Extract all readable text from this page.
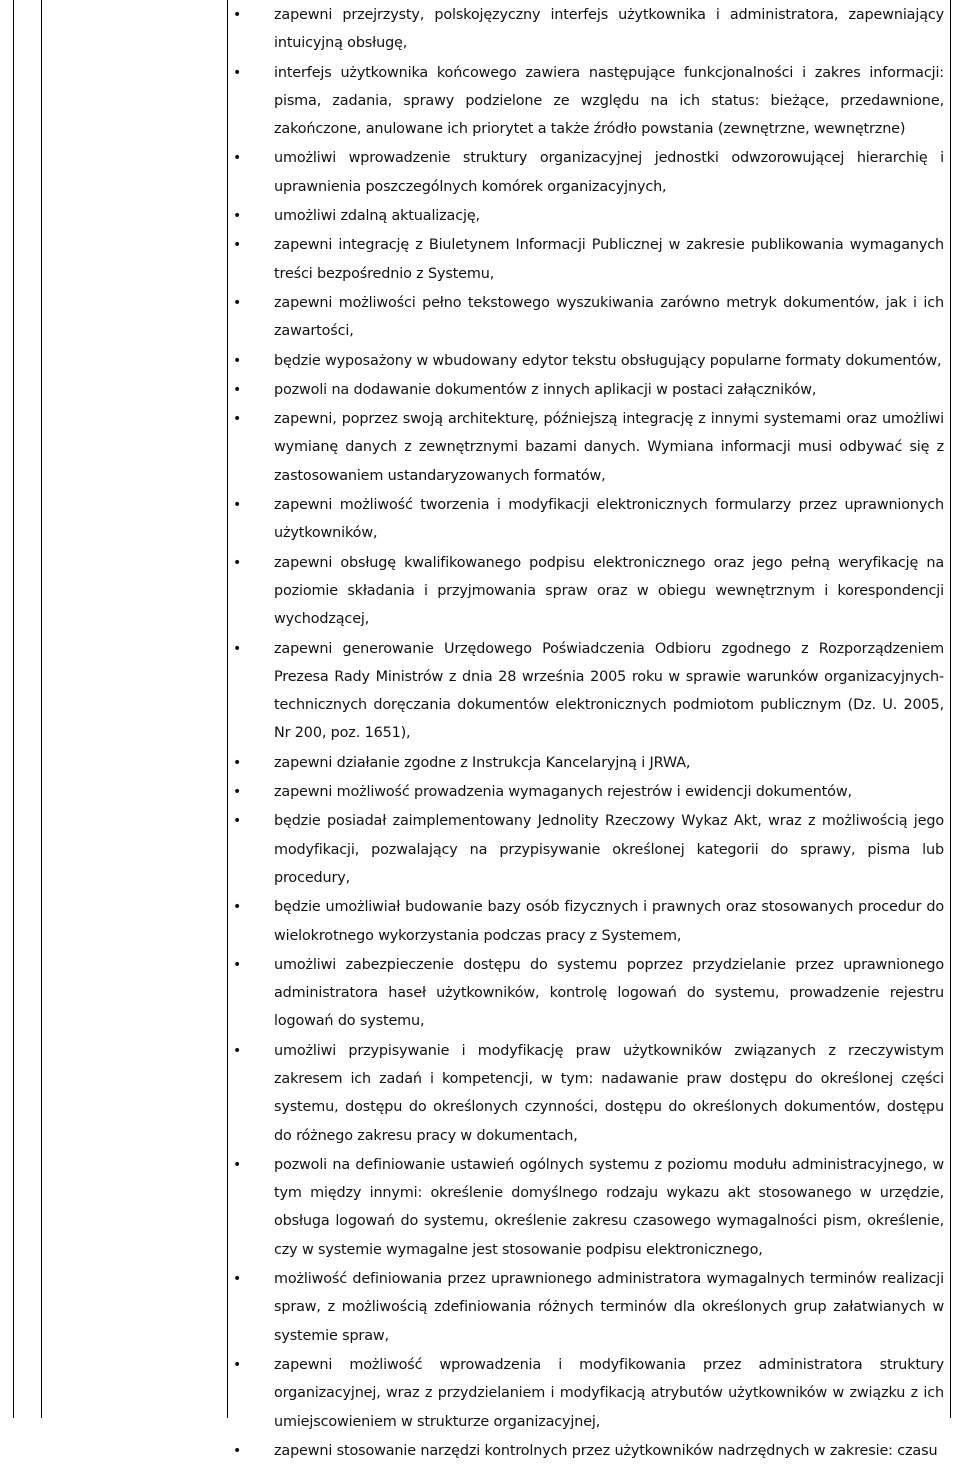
• zapewni przejrzysty, polskojęzyczny interfejs użytkownika i administratora, zapewniający intuicyjną obsługę,
• interfejs użytkownika końcowego zawiera następujące funkcjonalności i zakres informacji: pisma, zadania, sprawy podzielone ze względu na ich status: bieżące, przedawnione, zakończone, anulowane ich priorytet a także źródło powstania (zewnętrzne, wewnętrzne)
• umożliwi wprowadzenie struktury organizacyjnej jednostki odwzorowującej hierarchię i uprawnienia poszczególnych komórek organizacyjnych,
• umożliwi zdalną aktualizację,
• zapewni integrację z Biuletynem Informacji Publicznej w zakresie publikowania wymaganych treści bezpośrednio z Systemu,
• zapewni możliwości pełno tekstowego wyszukiwania zarówno metryk dokumentów, jak i ich zawartości,
• będzie wyposażony w wbudowany edytor tekstu obsługujący popularne formaty dokumentów,
• pozwoli na dodawanie dokumentów z innych aplikacji w postaci załączników,
• zapewni, poprzez swoją architekturę, późniejszą integrację z innymi systemami oraz umożliwi wymianę danych z zewnętrznymi bazami danych. Wymiana informacji musi odbywać się z zastosowaniem ustandaryzowanych formatów,
• zapewni możliwość tworzenia i modyfikacji elektronicznych formularzy przez uprawnionych użytkowników,
• zapewni obsługę kwalifikowanego podpisu elektronicznego oraz jego pełną weryfikację na poziomie składania i przyjmowania spraw oraz w obiegu wewnętrznym i korespondencji wychodzącej,
• zapewni generowanie Urzędowego Poświadczenia Odbioru zgodnego z Rozporządzeniem Prezesa Rady Ministrów z dnia 28 września 2005 roku w sprawie warunków organizacyjnych-technicznych doręczania dokumentów elektronicznych podmiotom publicznym (Dz. U. 2005, Nr 200, poz. 1651),
• zapewni działanie zgodne z Instrukcja Kancelaryjną i JRWA,
• zapewni możliwość prowadzenia wymaganych rejestrów i ewidencji dokumentów,
• będzie posiadał zaimplementowany Jednolity Rzeczowy Wykaz Akt, wraz z możliwością jego modyfikacji, pozwalający na przypisywanie określonej kategorii do sprawy, pisma lub procedury,
• będzie umożliwiał budowanie bazy osób fizycznych i prawnych oraz stosowanych procedur do wielokrotnego wykorzystania podczas pracy z Systemem,
• umożliwi zabezpieczenie dostępu do systemu poprzez przydzielanie przez uprawnionego administratora haseł użytkowników, kontrolę logowań do systemu, prowadzenie rejestru logowań do systemu,
• umożliwi przypisywanie i modyfikację praw użytkowników związanych z rzeczywistym zakresem ich zadań i kompetencji, w tym: nadawanie praw dostępu do określonej części systemu, dostępu do określonych czynności, dostępu do określonych dokumentów, dostępu do różnego zakresu pracy w dokumentach,
• pozwoli na definiowanie ustawień ogólnych systemu z poziomu modułu administracyjnego, w tym między innymi: określenie domyślnego rodzaju wykazu akt stosowanego w urzędzie, obsługa logowań do systemu, określenie zakresu czasowego wymagalności pism, określenie, czy w systemie wymagalne jest stosowanie podpisu elektronicznego,
• możliwość definiowania przez uprawnionego administratora wymagalnych terminów realizacji spraw, z możliwością zdefiniowania różnych terminów dla określonych grup załatwianych w systemie spraw,
• zapewni możliwość wprowadzenia i modyfikowania przez administratora struktury organizacyjnej, wraz z przydzielaniem i modyfikacją atrybutów użytkowników w związku z ich umiejscowieniem w strukturze organizacyjnej,
• zapewni stosowanie narzędzi kontrolnych przez użytkowników nadrzędnych w zakresie: czasu
